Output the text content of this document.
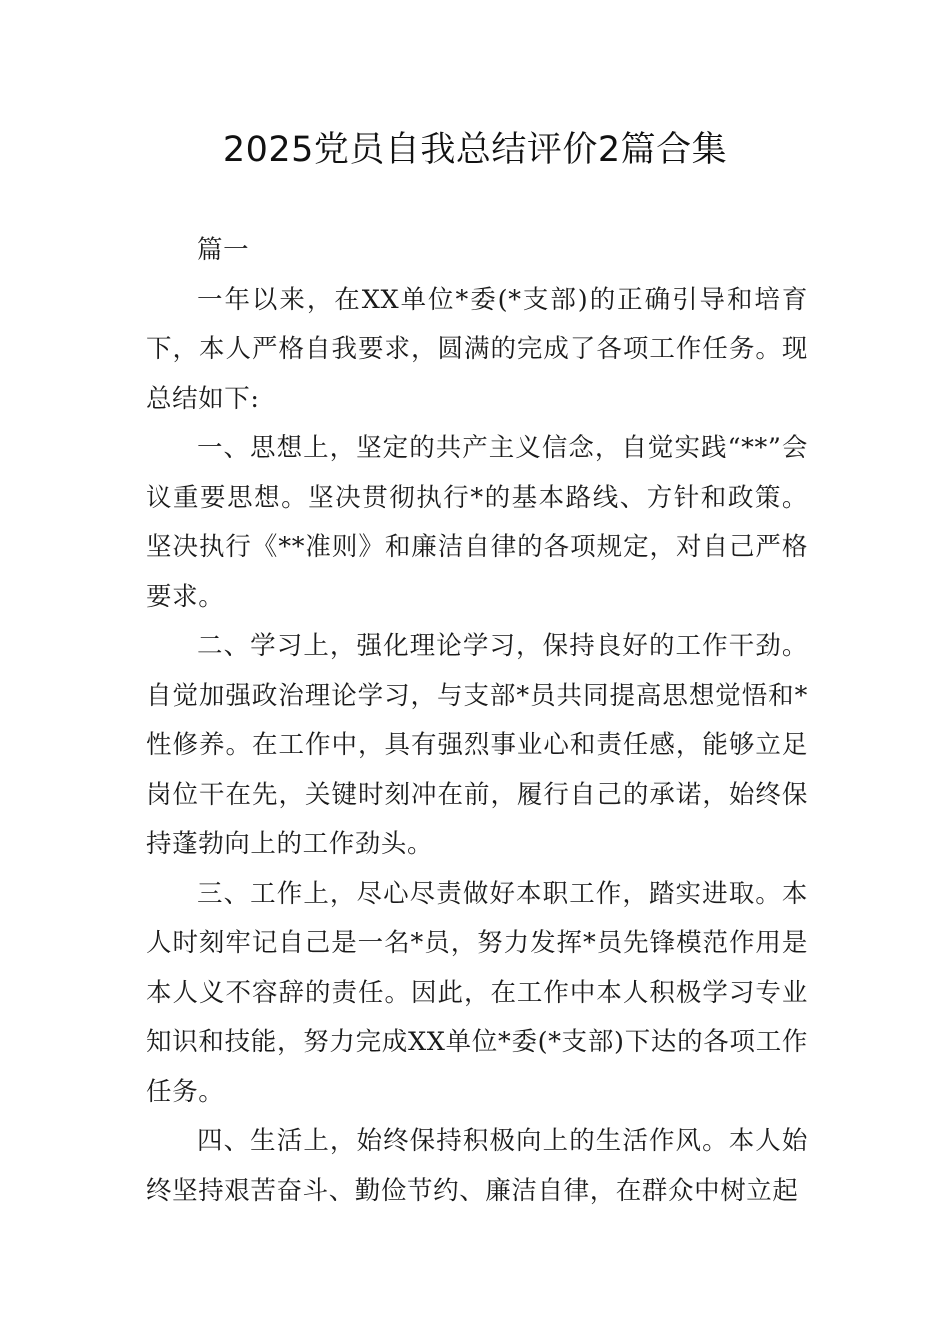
2025党员自我总结评价2篇合集

篇一

一年以来，在XX单位*委(*支部)的正确引导和培育下，本人严格自我要求，圆满的完成了各项工作任务。现总结如下:

一、思想上，坚定的共产主义信念，自觉实践“**”会议重要思想。坚决贯彻执行*的基本路线、方针和政策。坚决执行《**准则》和廉洁自律的各项规定，对自己严格要求。

二、学习上，强化理论学习，保持良好的工作干劲。自觉加强政治理论学习，与支部*员共同提高思想觉悟和*性修养。在工作中，具有强烈事业心和责任感，能够立足岗位干在先，关键时刻冲在前，履行自己的承诺，始终保持蓬勃向上的工作劲头。

三、工作上，尽心尽责做好本职工作，踏实进取。本人时刻牢记自己是一名*员，努力发挥*员先锋模范作用是本人义不容辞的责任。因此，在工作中本人积极学习专业知识和技能，努力完成XX单位*委(*支部)下达的各项工作任务。

四、生活上，始终保持积极向上的生活作风。本人始终坚持艰苦奋斗、勤俭节约、廉洁自律，在群众中树立起
